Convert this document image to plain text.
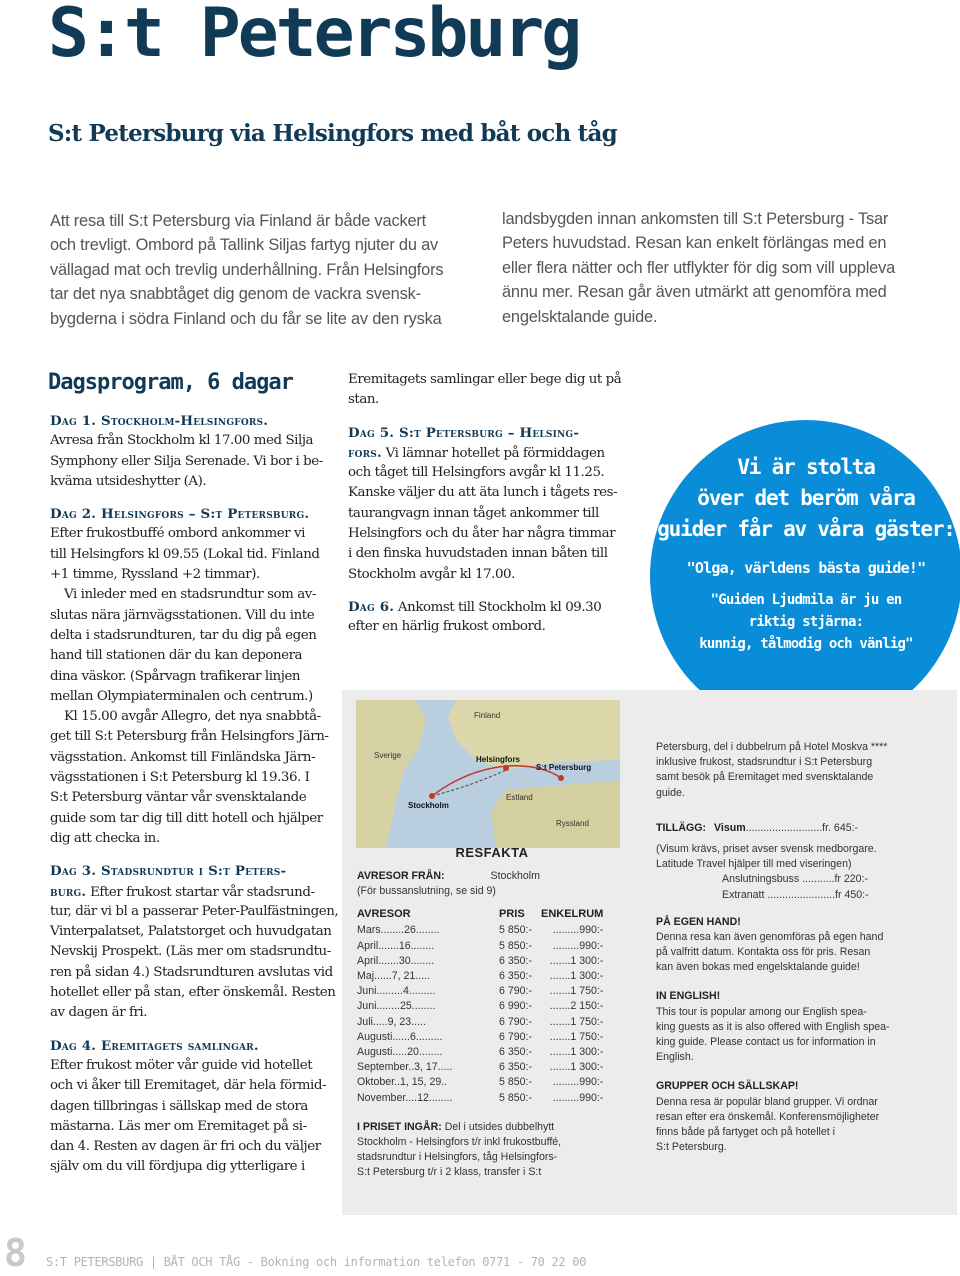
S:t Petersburg
S:t Petersburg via Helsingfors med båt och tåg
Att resa till S:t Petersburg via Finland är både vackert
och trevligt. Ombord på Tallink Siljas fartyg njuter du av
vällagad mat och trevlig underhållning. Från Helsingfors
tar det nya snabbtåget dig genom de vackra svensk-
bygderna i södra Finland och du får se lite av den ryska
landsbygden innan ankomsten till S:t Petersburg - Tsar
Peters huvudstad. Resan kan enkelt förlängas med en
eller flera nätter och fler utflykter för dig som vill uppleva
ännu mer. Resan går även utmärkt att genomföra med
engelsktalande guide.
Dagsprogram, 6 dagar
Dag 1. Stockholm-Helsingfors.
Avresa från Stockholm kl 17.00 med Silja
Symphony eller Silja Serenade. Vi bor i be-
kväma utsideshytter (A).
Dag 2. Helsingfors – S:t Petersburg.
Efter frukostbuffé ombord ankommer vi
till Helsingfors kl 09.55 (Lokal tid. Finland
+1 timme, Ryssland +2 timmar).
Vi inleder med en stadsrundtur som av-
slutas nära järnvägsstationen. Vill du inte
delta i stadsrundturen, tar du dig på egen
hand till stationen där du kan deponera
dina väskor. (Spårvagn trafikerar linjen
mellan Olympiaterminalen och centrum.)
Kl 15.00 avgår Allegro, det nya snabbtå-
get till S:t Petersburg från Helsingfors Järn-
vägsstation. Ankomst till Finländska Järn-
vägsstationen i S:t Petersburg kl 19.36. I
S:t Petersburg väntar vår svensktalande
guide som tar dig till ditt hotell och hjälper
dig att checka in.
Dag 3. Stadsrundtur i S:t Peters-
burg. Efter frukost startar vår stadsrund-
tur, där vi bl a passerar Peter-Paulfästningen,
Vinterpalatset, Palatstorget och huvudgatan
Nevskij Prospekt. (Läs mer om stadsrundtu-
ren på sidan 4.) Stadsrundturen avslutas vid
hotellet eller på stan, efter önskemål. Resten
av dagen är fri.
Dag 4. Eremitagets samlingar.
Efter frukost möter vår guide vid hotellet
och vi åker till Eremitaget, där hela förmid-
dagen tillbringas i sällskap med de stora
mästarna. Läs mer om Eremitaget på si-
dan 4. Resten av dagen är fri och du väljer
själv om du vill fördjupa dig ytterligare i
Eremitagets samlingar eller bege dig ut på
stan.
Dag 5. S:t Petersburg – Helsing-
fors. Vi lämnar hotellet på förmiddagen
och tåget till Helsingfors avgår kl 11.25.
Kanske väljer du att äta lunch i tågets res-
taurangvagn innan tåget ankommer till
Helsingfors och du åter har några timmar
i den finska huvudstaden innan båten till
Stockholm avgår kl 17.00.
Dag 6. Ankomst till Stockholm kl 09.30
efter en härlig frukost ombord.
Vi är stolta
över det beröm våra
guider får av våra gäster:
"Olga, världens bästa guide!"
"Guiden Ljudmila är ju en
riktig stjärna:
kunnig, tålmodig och vänlig"
Finland
Sverige	Helsingfors
S:t Petersburg
Stockholm
Estland
Ryssland
RESFAKTA
AVRESOR FRÅN:	Stockholm
(För bussanslutning, se sid 9)
AVRESOR	PRIS	ENKELRUM
Mars........26........	5 850:-	.........990:-
April.......16........	5 850:-	.........990:-
April.......30........	6 350:-	.......1 300:-
Maj......7, 21.....	6 350:-	.......1 300:-
Juni.........4.........	6 790:-	.......1 750:-
Juni........25........	6 990:-	.......2 150:-
Juli.....9, 23.....	6 790:-	.......1 750:-
Augusti......6.........	6 790:-	.......1 750:-
Augusti.....20........	6 350:-	.......1 300:-
September..3, 17.....	6 350:-	.......1 300:-
Oktober..1, 15, 29..	5 850:-	.........990:-
November....12........	5 850:-	.........990:-
I PRISET INGÅR: Del i utsides dubbelhytt
Stockholm - Helsingfors t/r inkl frukostbuffé,
stadsrundtur i Helsingfors, tåg Helsingfors-
S:t Petersburg t/r i 2 klass, transfer i S:t
Petersburg, del i dubbelrum på Hotel Moskva ****
inklusive frukost, stadsrundtur i S:t Petersburg
samt besök på Eremitaget med svensktalande
guide.
TILLÄGG: Visum..........................fr. 645:-
(Visum krävs, priset avser svensk medborgare.
Latitude Travel hjälper till med viseringen)
Anslutningsbuss ...........fr 220:-
Extranatt .......................fr 450:-
PÅ EGEN HAND!
Denna resa kan även genomföras på egen hand
på valfritt datum. Kontakta oss för pris. Resan
kan även bokas med engelsktalande guide!
IN ENGLISH!
This tour is popular among our English spea-
king guests as it is also offered with English spea-
king guide. Please contact us for information in
English.
GRUPPER OCH SÄLLSKAP!
Denna resa är populär bland grupper. Vi ordnar
resan efter era önskemål. Konferensmöjligheter
finns både på fartyget och på hotellet i
S:t Petersburg.
8 S:T PETERSBURG | BÅT OCH TÅG - Bokning och information telefon 0771 - 70 22 00
